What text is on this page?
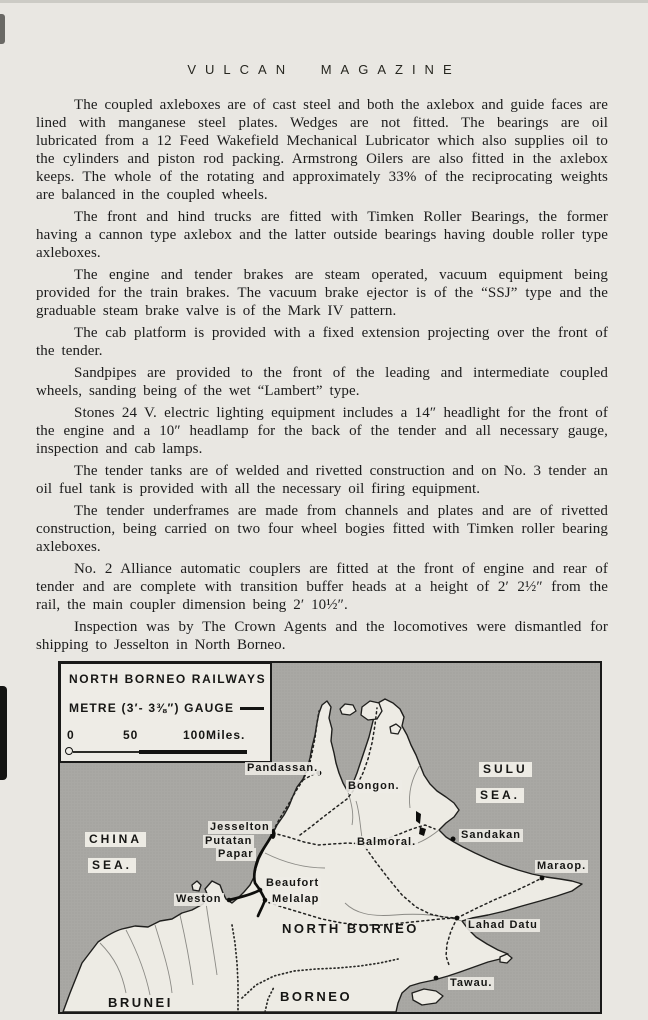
VULCAN MAGAZINE

The coupled axleboxes are of cast steel and both the axlebox and guide faces are lined with manganese steel plates. Wedges are not fitted. The bearings are oil lubricated from a 12 Feed Wakefield Mechanical Lubricator which also supplies oil to the cylinders and piston rod packing. Armstrong Oilers are also fitted in the axlebox keeps. The whole of the rotating and approximately 33% of the reciprocating weights are balanced in the coupled wheels.

The front and hind trucks are fitted with Timken Roller Bearings, the former having a cannon type axlebox and the latter outside bearings having double roller type axleboxes.

The engine and tender brakes are steam operated, vacuum equipment being provided for the train brakes. The vacuum brake ejector is of the “SSJ” type and the graduable steam brake valve is of the Mark IV pattern.

The cab platform is provided with a fixed extension projecting over the front of the tender.

Sandpipes are provided to the front of the leading and intermediate coupled wheels, sanding being of the wet “Lambert” type.

Stones 24 V. electric lighting equipment includes a 14″ headlight for the front of the engine and a 10″ headlamp for the back of the tender and all necessary gauge, inspection and cab lamps.

The tender tanks are of welded and rivetted construction and on No. 3 tender an oil fuel tank is provided with all the necessary oil firing equipment.

The tender underframes are made from channels and plates and are of rivetted construction, being carried on two four wheel bogies fitted with Timken roller bearing axleboxes.

No. 2 Alliance automatic couplers are fitted at the front of engine and rear of tender and are complete with transition buffer heads at a height of 2′ 2½″ from the rail, the main coupler dimension being 2′ 10½″.

Inspection was by The Crown Agents and the locomotives were dismantled for shipping to Jesselton in North Borneo.

NORTH BORNEO RAILWAYS
METRE (3′- 3⅜″) GAUGE
0	50	100Miles.
Pandassan.
Bongon.
SULU
SEA.
CHINA
SEA.
Jesselton
Putatan
Papar
Weston
Beaufort
Melalap
Balmoral.
Sandakan
Maraop.
NORTH BORNEO	Lahad Datu
Tawau.
BRUNEI	BORNEO
